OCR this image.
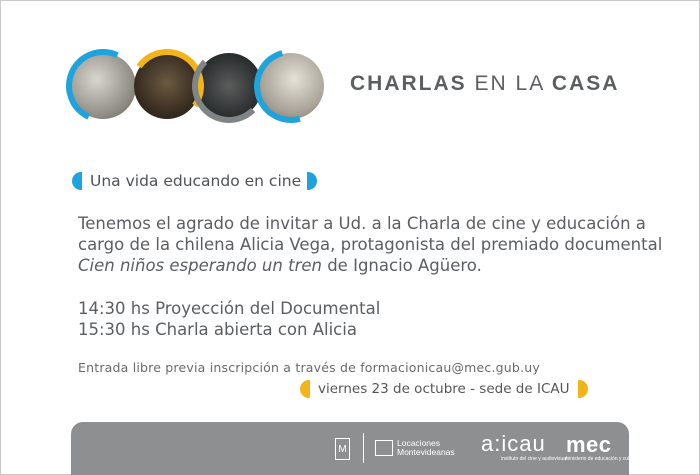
CHARLAS EN LA CASA
Una vida educando en cine

Tenemos el agrado de invitar a Ud. a la Charla de cine y educación a cargo de la chilena Alicia Vega, protagonista del premiado documental Cien niños esperando un tren de Ignacio Agüero.

14:30 hs Proyección del Documental
15:30 hs Charla abierta con Alicia
Entrada libre previa inscripción a través de formacionicau@mec.gub.uy
viernes 23 de octubre - sede de ICAU
M
Locaciones
Montevideanas a:icau
instituto del cine y audiovisual
mec
ministerio de educación y cultura
